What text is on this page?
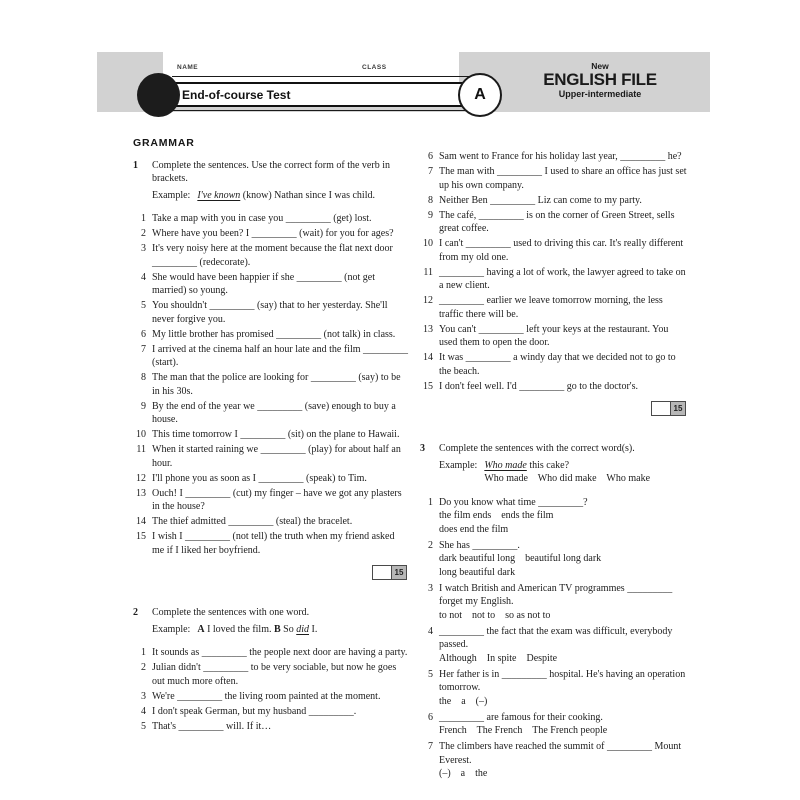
NAME	CLASS
End-of-course Test	A
New
ENGLISH FILE
Upper-intermediate
GRAMMAR
1	Complete the sentences. Use the correct form of the verb in brackets.
Example: I've known (know) Nathan since I was child.
1 Take a map with you in case you _________ (get) lost.
2 Where have you been? I _________ (wait) for you for ages?
3 It's very noisy here at the moment because the flat next door _________ (redecorate).
4 She would have been happier if she _________ (not get married) so young.
5 You shouldn't _________ (say) that to her yesterday. She'll never forgive you.
6 My little brother has promised _________ (not talk) in class.
7 I arrived at the cinema half an hour late and the film _________ (start).
8 The man that the police are looking for _________ (say) to be in his 30s.
9 By the end of the year we _________ (save) enough to buy a house.
10 This time tomorrow I _________ (sit) on the plane to Hawaii.
11 When it started raining we _________ (play) for about half an hour.
12 I'll phone you as soon as I _________ (speak) to Tim.
13 Ouch! I _________ (cut) my finger – have we got any plasters in the house?
14 The thief admitted _________ (steal) the bracelet.
15 I wish I _________ (not tell) the truth when my friend asked me if I liked her boyfriend.
15
2	Complete the sentences with one word.
Example: A I loved the film. B So did I.
1 It sounds as _________ the people next door are having a party.
2 Julian didn't _________ to be very sociable, but now he goes out much more often.
3 We're _________ the living room painted at the moment.
4 I don't speak German, but my husband _________.
5 That's _________ will. If it…
6 Sam went to France for his holiday last year, _________ he?
7 The man with _________ I used to share an office has just set up his own company.
8 Neither Ben _________ Liz can come to my party.
9 The café, _________ is on the corner of Green Street, sells great coffee.
10 I can't _________ used to driving this car. It's really different from my old one.
11 _________ having a lot of work, the lawyer agreed to take on a new client.
12 _________ earlier we leave tomorrow morning, the less traffic there will be.
13 You can't _________ left your keys at the restaurant. You used them to open the door.
14 It was _________ a windy day that we decided not to go to the beach.
15 I don't feel well. I'd _________ go to the doctor's.
15
3	Complete the sentences with the correct word(s).
Example: Who made this cake?
Who made    Who did make    Who make
1 Do you know what time _________?
the film ends    ends the film
does end the film
2 She has _________.
dark beautiful long    beautiful long dark
long beautiful dark
3 I watch British and American TV programmes _________ forget my English.
to not    not to    so as not to
4 _________ the fact that the exam was difficult, everybody passed.
Although    In spite    Despite
5 Her father is in _________ hospital. He's having an operation tomorrow.
the    a    (–)
6 _________ are famous for their cooking.
French    The French    The French people
7 The climbers have reached the summit of _________ Mount Everest.
(–)    a    the
